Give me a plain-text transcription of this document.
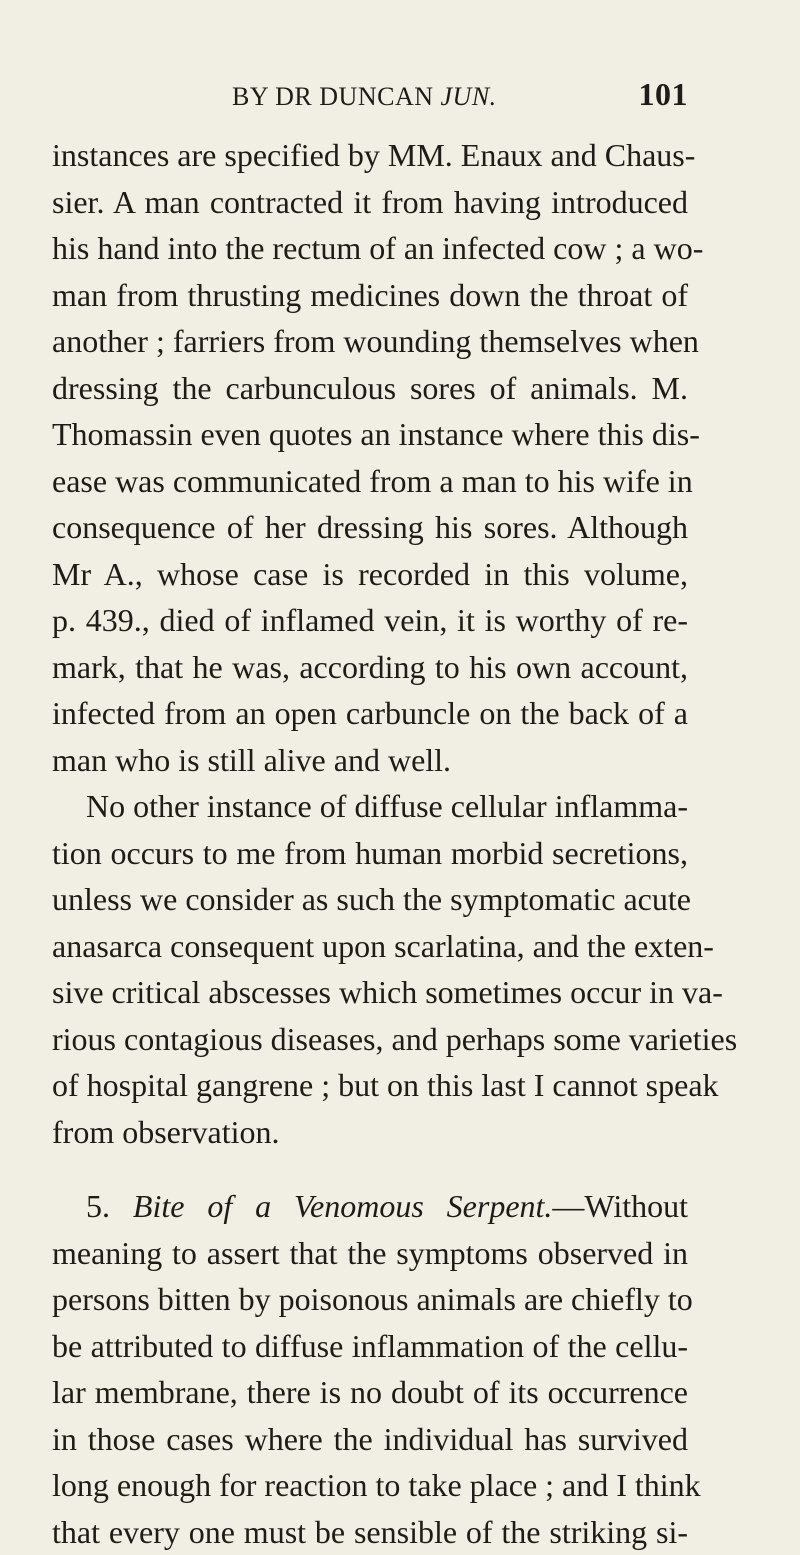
BY DR DUNCAN JUN.	101
instances are specified by MM. Enaux and Chaus-
sier. A man contracted it from having introduced
his hand into the rectum of an infected cow ; a wo-
man from thrusting medicines down the throat of
another ; farriers from wounding themselves when
dressing the carbunculous sores of animals. M.
Thomassin even quotes an instance where this dis-
ease was communicated from a man to his wife in
consequence of her dressing his sores. Although
Mr A., whose case is recorded in this volume,
p. 439., died of inflamed vein, it is worthy of re-
mark, that he was, according to his own account,
infected from an open carbuncle on the back of a
man who is still alive and well.
No other instance of diffuse cellular inflamma-
tion occurs to me from human morbid secretions,
unless we consider as such the symptomatic acute
anasarca consequent upon scarlatina, and the exten-
sive critical abscesses which sometimes occur in va-
rious contagious diseases, and perhaps some varieties
of hospital gangrene ; but on this last I cannot speak
from observation.
5. Bite of a Venomous Serpent.—Without
meaning to assert that the symptoms observed in
persons bitten by poisonous animals are chiefly to
be attributed to diffuse inflammation of the cellu-
lar membrane, there is no doubt of its occurrence
in those cases where the individual has survived
long enough for reaction to take place ; and I think
that every one must be sensible of the striking si-
